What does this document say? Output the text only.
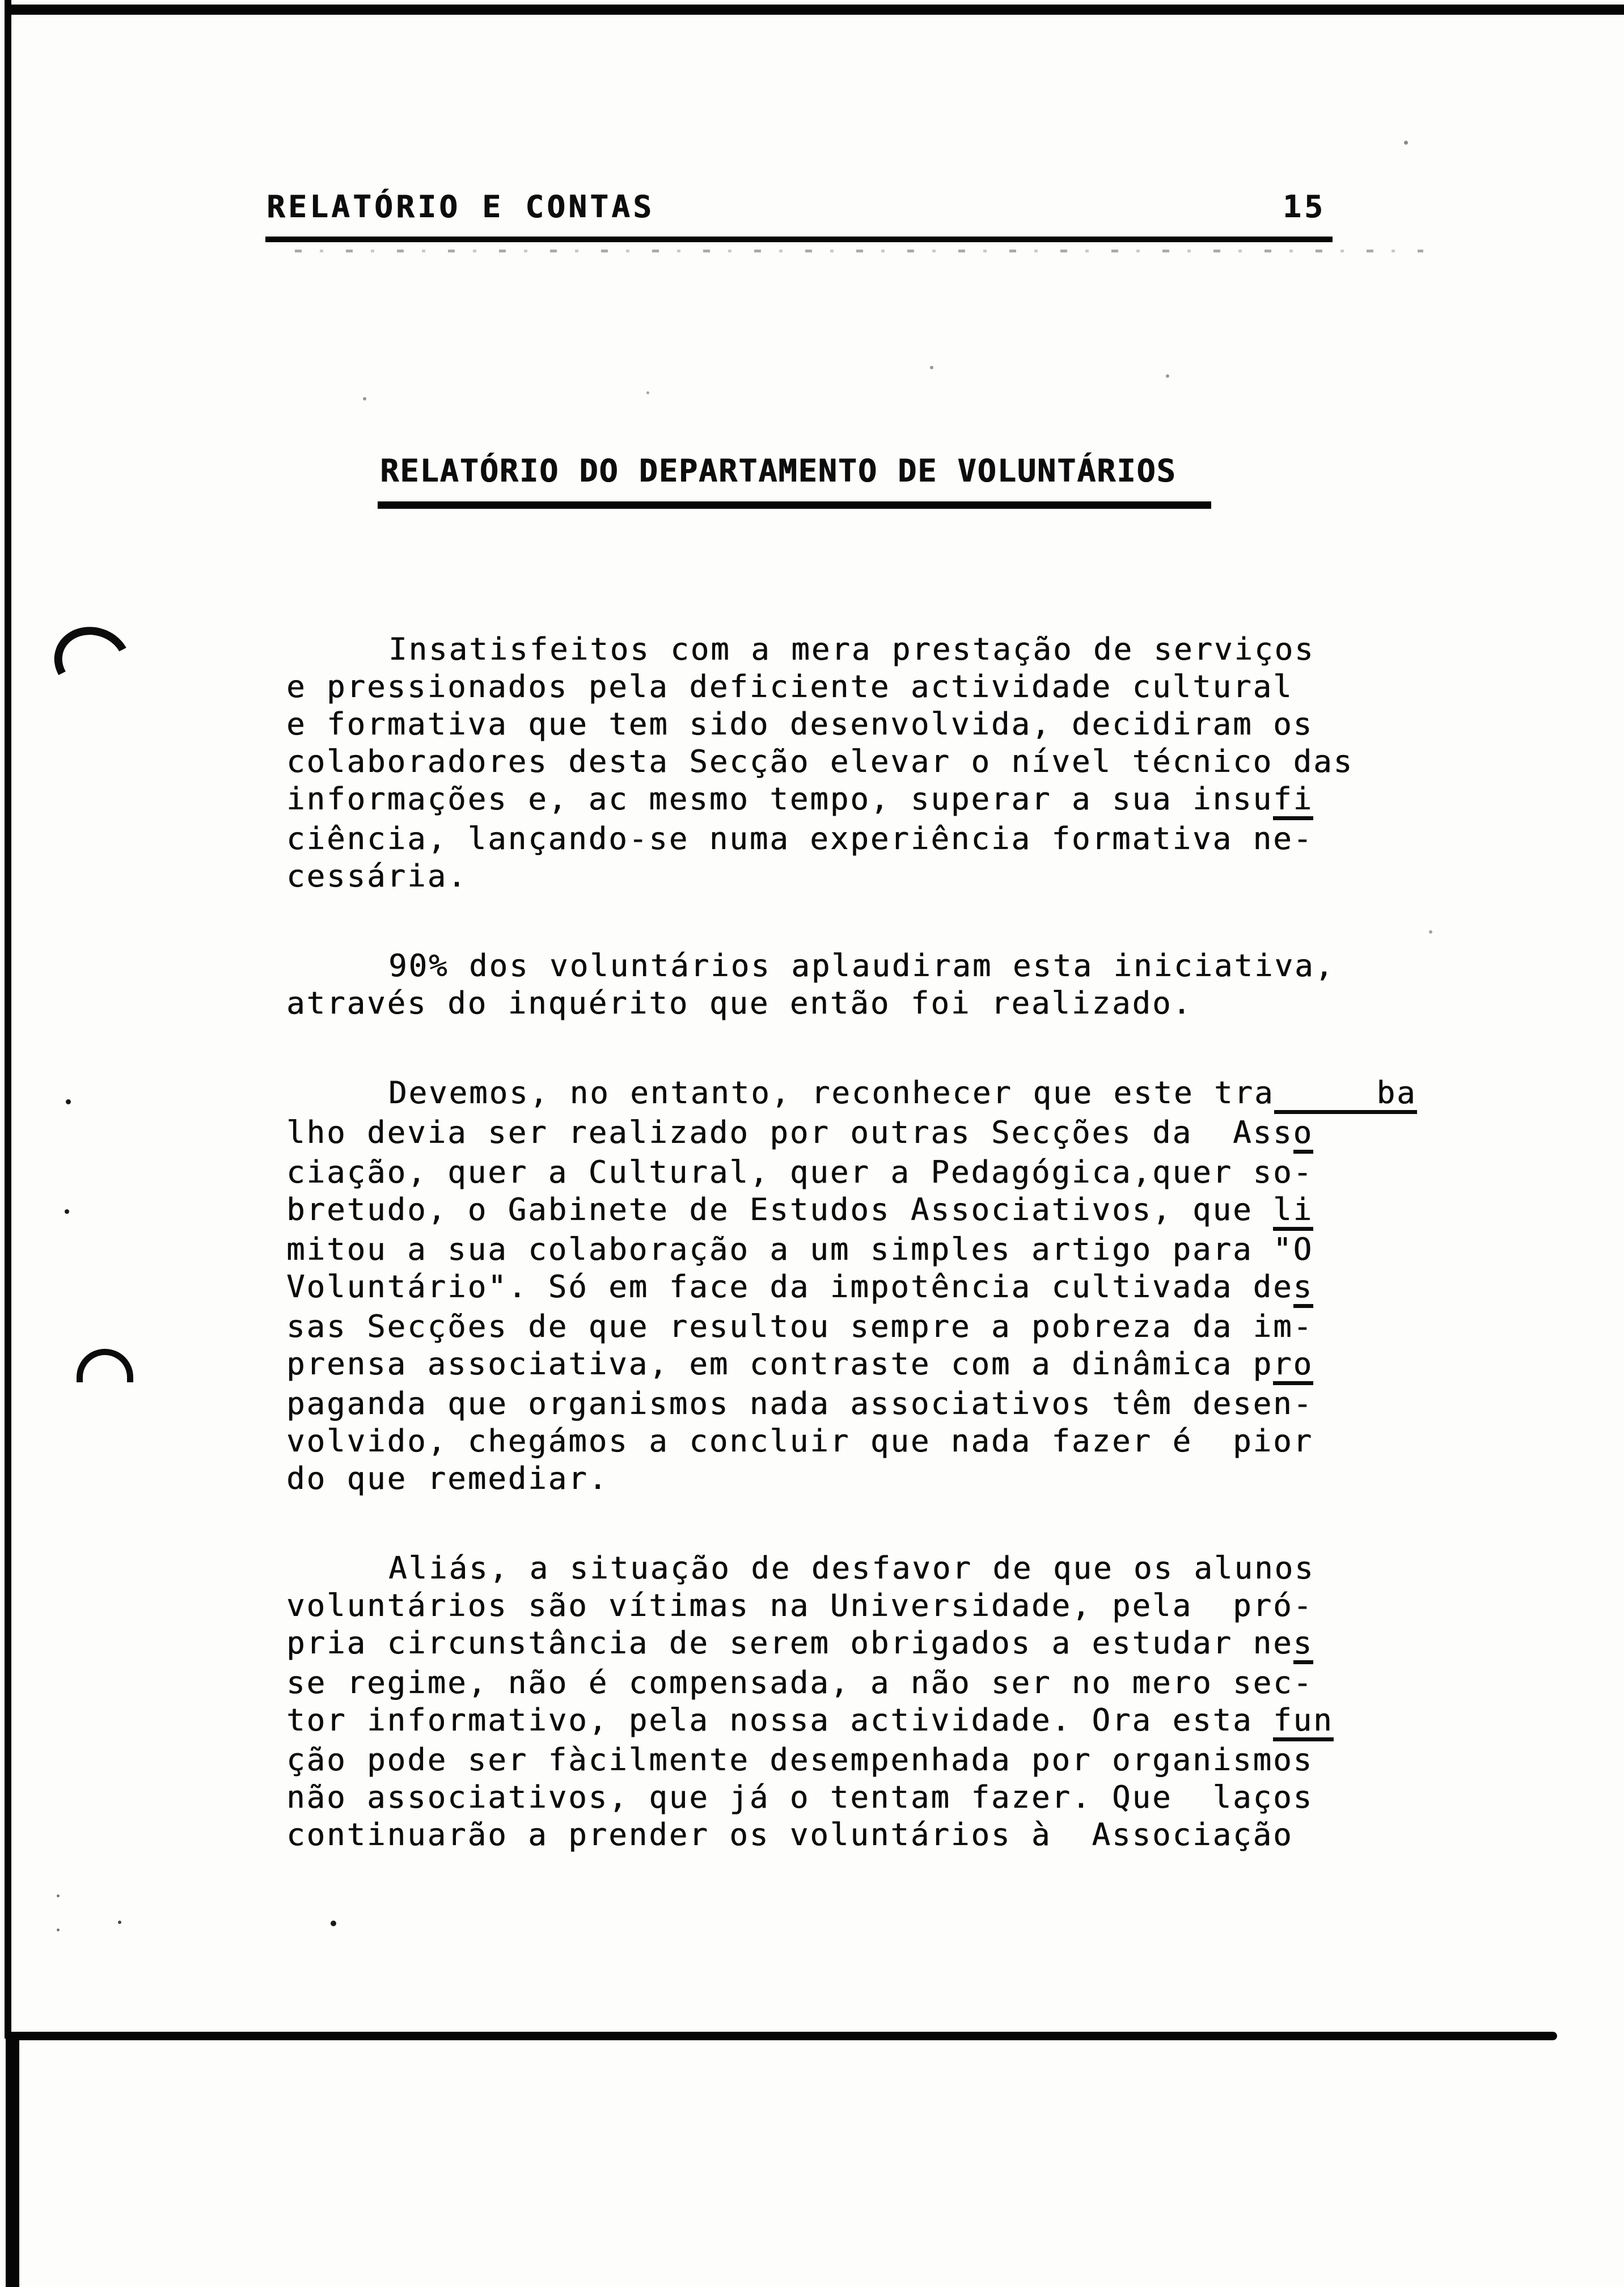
RELATÓRIO E CONTAS	15
RELATÓRIO DO DEPARTAMENTO DE VOLUNTÁRIOS
Insatisfeitos com a mera prestação de serviços
e pressionados pela deficiente actividade cultural
e formativa que tem sido desenvolvida, decidiram os
colaboradores desta Secção elevar o nível técnico das
informações e, ac mesmo tempo, superar a sua insufi
ciência, lançando-se numa experiência formativa ne-
cessária.
90% dos voluntários aplaudiram esta iniciativa,
através do inquérito que então foi realizado.
Devemos, no entanto, reconhecer que este tra	ba
lho devia ser realizado por outras Secções da  Asso
ciação, quer a Cultural, quer a Pedagógica,quer so-
bretudo, o Gabinete de Estudos Associativos, que li
mitou a sua colaboração a um simples artigo para "O
Voluntário". Só em face da impotência cultivada des
sas Secções de que resultou sempre a pobreza da im-
prensa associativa, em contraste com a dinâmica pro
paganda que organismos nada associativos têm desen-
volvido, chegámos a concluir que nada fazer é  pior
do que remediar.
Aliás, a situação de desfavor de que os alunos
voluntários são vítimas na Universidade, pela  pró-
pria circunstância de serem obrigados a estudar nes
se regime, não é compensada, a não ser no mero sec-
tor informativo, pela nossa actividade. Ora esta fun
ção pode ser fàcilmente desempenhada por organismos
não associativos, que já o tentam fazer. Que  laços
continuarão a prender os voluntários à  Associação
